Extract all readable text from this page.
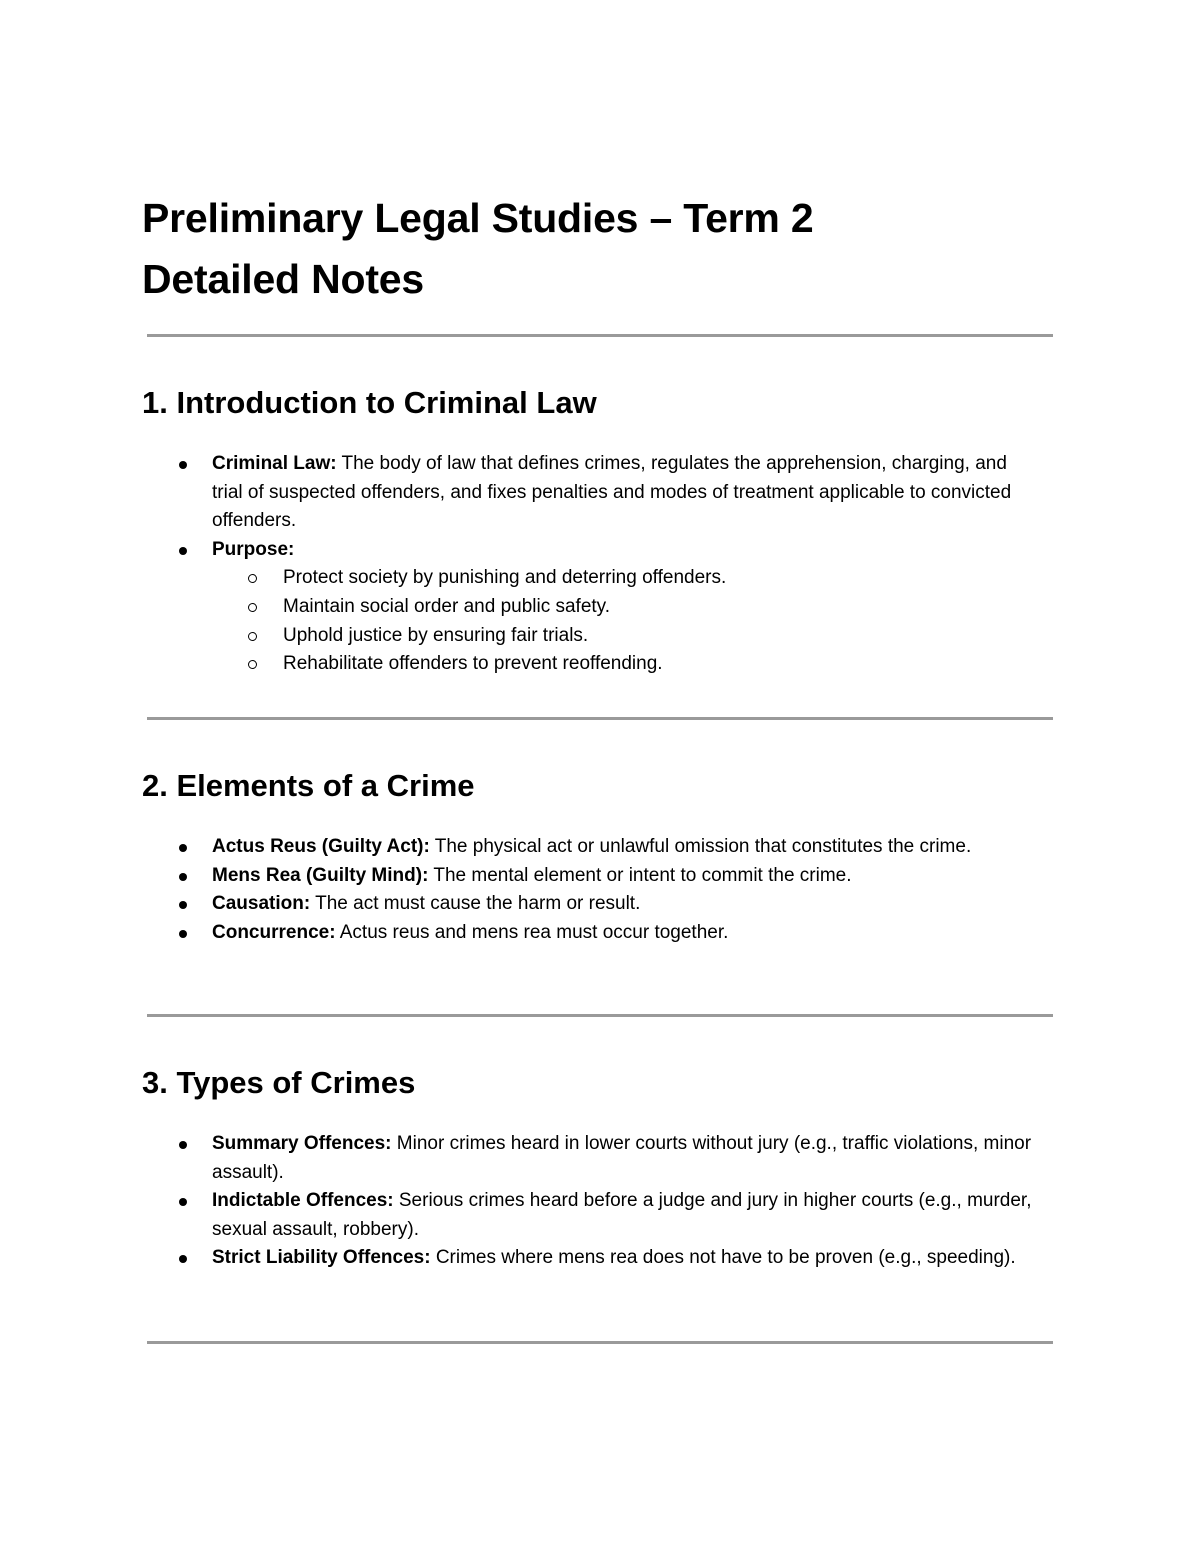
Preliminary Legal Studies – Term 2
Detailed Notes
1. Introduction to Criminal Law
Criminal Law: The body of law that defines crimes, regulates the apprehension, charging, and trial of suspected offenders, and fixes penalties and modes of treatment applicable to convicted offenders.
Purpose:
Protect society by punishing and deterring offenders.
Maintain social order and public safety.
Uphold justice by ensuring fair trials.
Rehabilitate offenders to prevent reoffending.
2. Elements of a Crime
Actus Reus (Guilty Act): The physical act or unlawful omission that constitutes the crime.
Mens Rea (Guilty Mind): The mental element or intent to commit the crime.
Causation: The act must cause the harm or result.
Concurrence: Actus reus and mens rea must occur together.
3. Types of Crimes
Summary Offences: Minor crimes heard in lower courts without jury (e.g., traffic violations, minor assault).
Indictable Offences: Serious crimes heard before a judge and jury in higher courts (e.g., murder, sexual assault, robbery).
Strict Liability Offences: Crimes where mens rea does not have to be proven (e.g., speeding).
